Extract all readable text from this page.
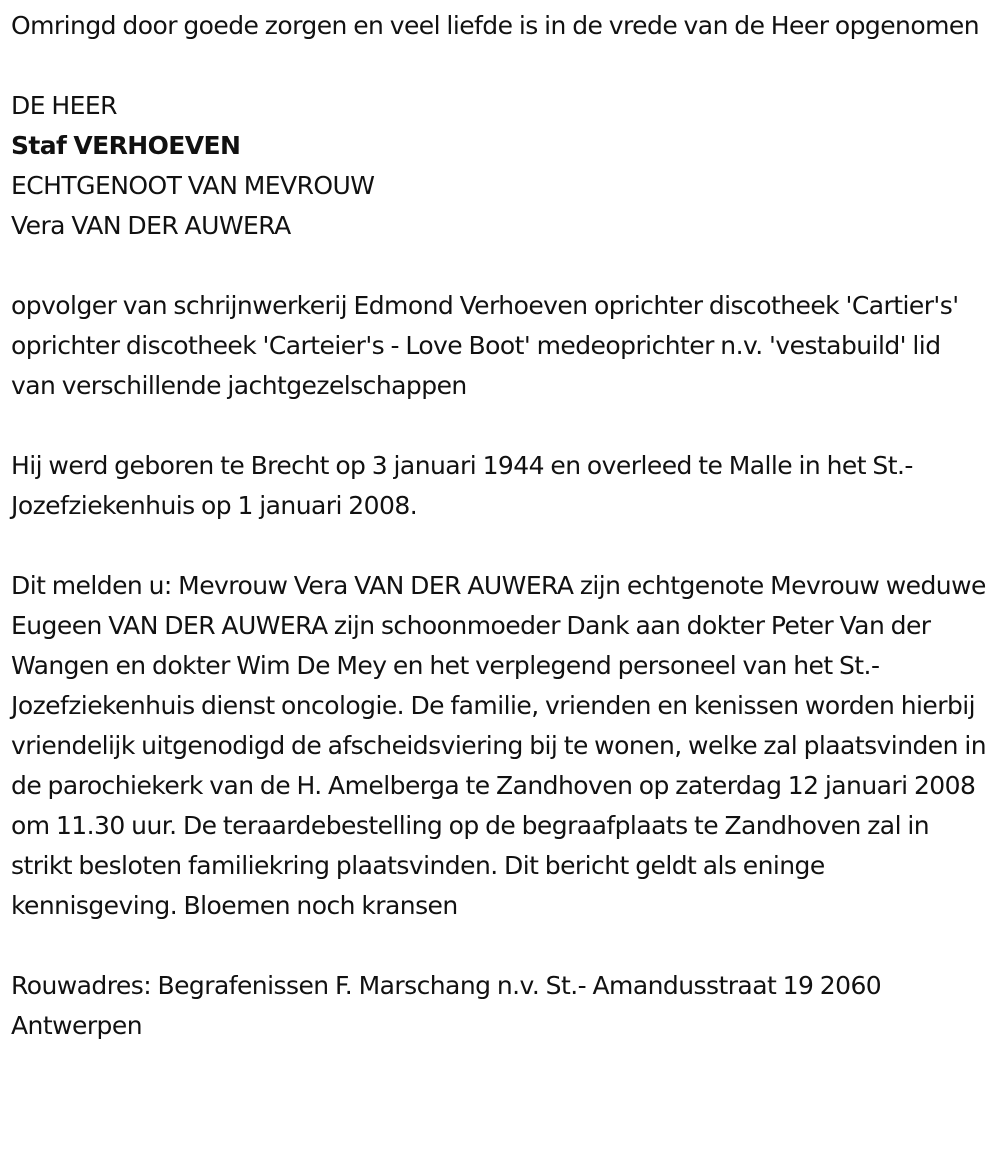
Omringd door goede zorgen en veel liefde is in de vrede van de Heer opgenomen

DE HEER

Staf VERHOEVEN

ECHTGENOOT VAN MEVROUW

Vera VAN DER AUWERA

opvolger van schrijnwerkerij Edmond Verhoeven oprichter discotheek 'Cartier's' oprichter discotheek 'Carteier's - Love Boot' medeoprichter n.v. 'vestabuild' lid van verschillende jachtgezelschappen

Hij werd geboren te Brecht op 3 januari 1944 en overleed te Malle in het St.-Jozefziekenhuis op 1 januari 2008.

Dit melden u: Mevrouw Vera VAN DER AUWERA zijn echtgenote Mevrouw weduwe Eugeen VAN DER AUWERA zijn schoonmoeder Dank aan dokter Peter Van der Wangen en dokter Wim De Mey en het verplegend personeel van het St.-Jozefziekenhuis dienst oncologie. De familie, vrienden en kenissen worden hierbij vriendelijk uitgenodigd de afscheidsviering bij te wonen, welke zal plaatsvinden in de parochiekerk van de H. Amelberga te Zandhoven op zaterdag 12 januari 2008 om 11.30 uur. De teraardebestelling op de begraafplaats te Zandhoven zal in strikt besloten familiekring plaatsvinden. Dit bericht geldt als eninge kennisgeving. Bloemen noch kransen

Rouwadres: Begrafenissen F. Marschang n.v. St.- Amandusstraat 19 2060 Antwerpen
